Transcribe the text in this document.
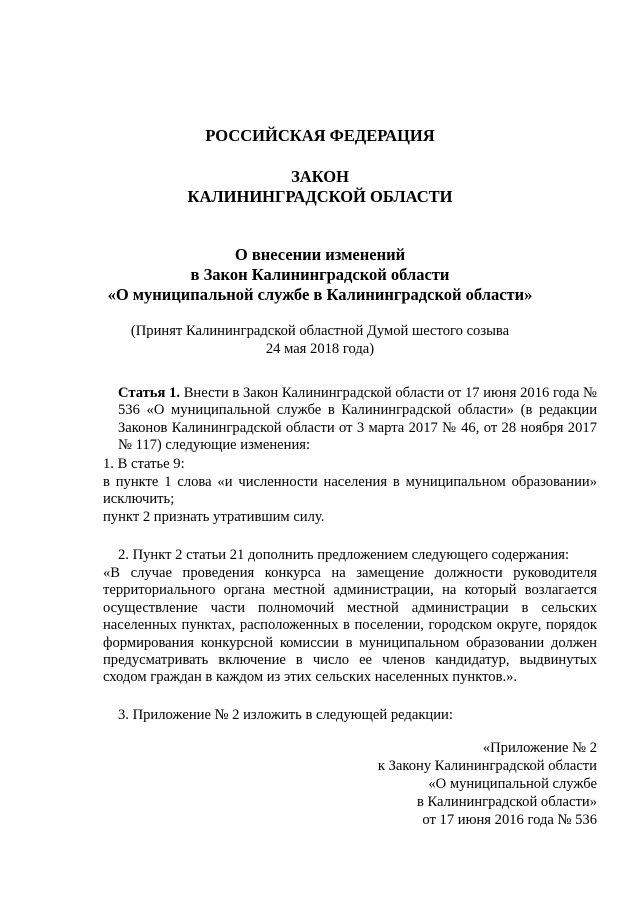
РОССИЙСКАЯ ФЕДЕРАЦИЯ
ЗАКОН
КАЛИНИНГРАДСКОЙ ОБЛАСТИ
О внесении изменений
в Закон Калининградской области
«О муниципальной службе в Калининградской области»
(Принят Калининградской областной Думой шестого созыва
24 мая 2018 года)
Статья 1. Внести в Закон Калининградской области от 17 июня 2016 года № 536 «О муниципальной службе в Калининградской области» (в редакции Законов Калининградской области от 3 марта 2017 № 46, от 28 ноября 2017 № 117) следующие изменения:
1. В статье 9:
в пункте 1 слова «и численности населения в муниципальном образовании» исключить;
пункт 2 признать утратившим силу.
2. Пункт 2 статьи 21 дополнить предложением следующего содержания:
«В случае проведения конкурса на замещение должности руководителя территориального органа местной администрации, на который возлагается осуществление части полномочий местной администрации в сельских населенных пунктах, расположенных в поселении, городском округе, порядок формирования конкурсной комиссии в муниципальном образовании должен предусматривать включение в число ее членов кандидатур, выдвинутых сходом граждан в каждом из этих сельских населенных пунктов.».
3. Приложение № 2 изложить в следующей редакции:
«Приложение № 2
к Закону Калининградской области
«О муниципальной службе
в Калининградской области»
от 17 июня 2016 года № 536
